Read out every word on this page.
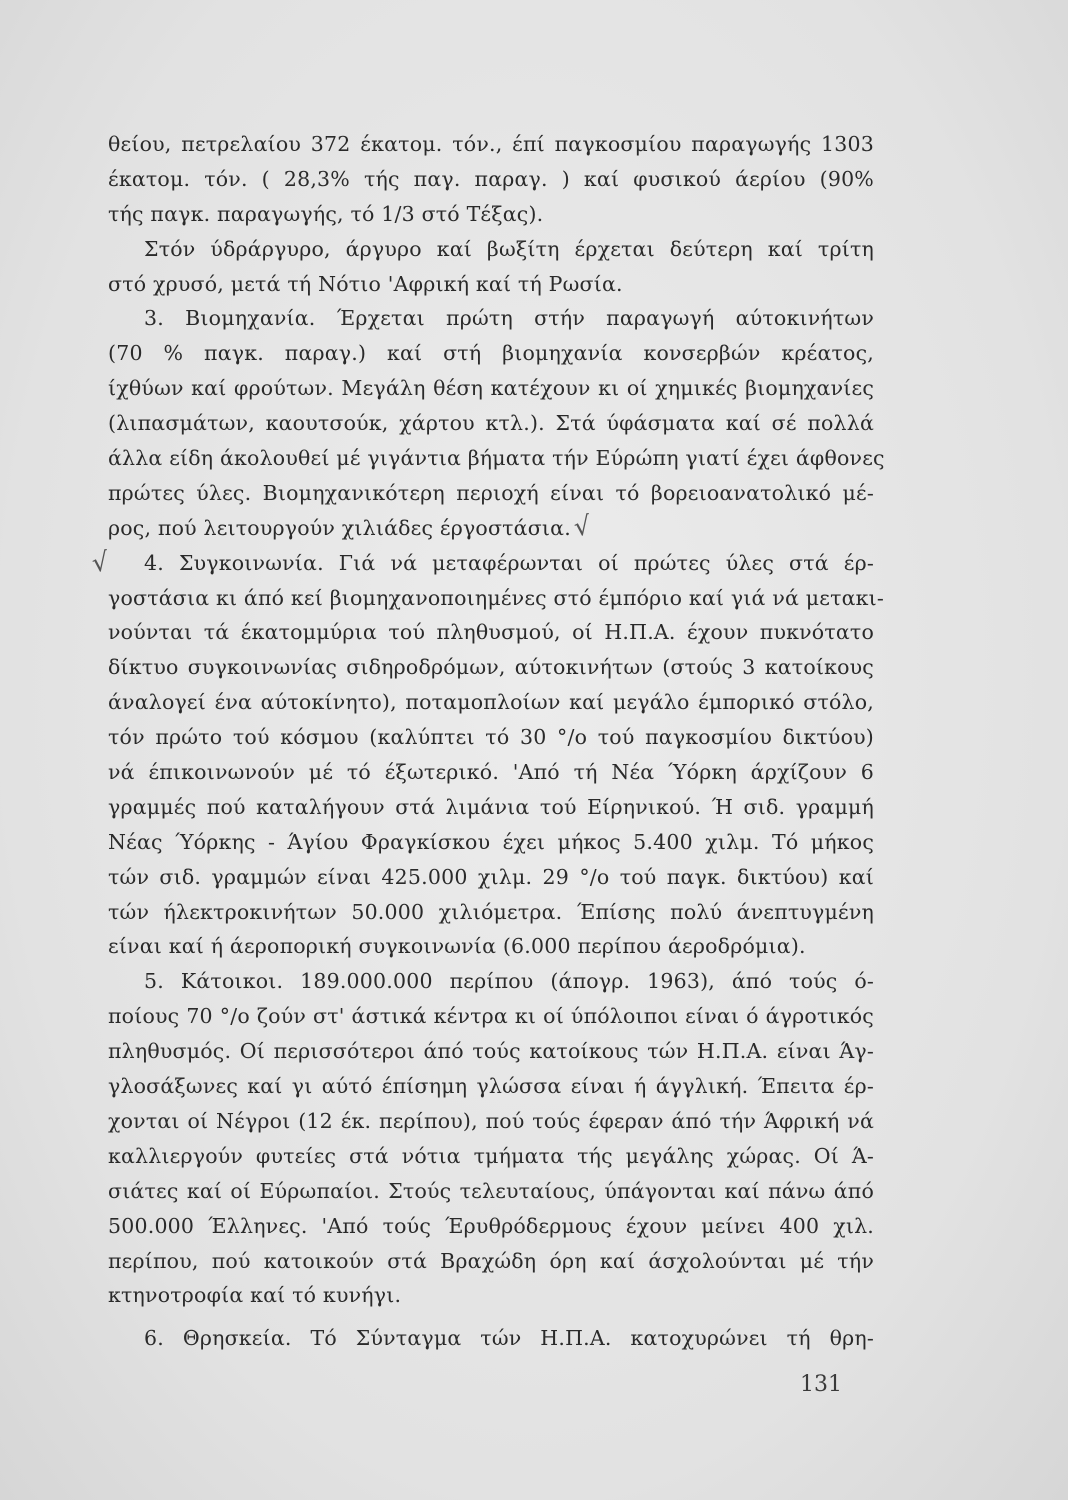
θείου, πετρελαίου 372 έκατομ. τόν., έπί παγκοσμίου παραγωγής 1303
έκατομ. τόν. ( 28,3% τής παγ. παραγ. ) καί φυσικού άερίου (90%
τής παγκ. παραγωγής, τό 1/3 στό Τέξας).
Στόν ύδράργυρο, άργυρο καί βωξίτη έρχεται δεύτερη καί τρίτη
στό χρυσό, μετά τή Νότιο 'Αφρική καί τή Ρωσία.
3. Βιομηχανία. Έρχεται πρώτη στήν παραγωγή αύτοκινήτων
(70 % παγκ. παραγ.) καί στή βιομηχανία κονσερβών κρέατος,
ίχθύων καί φρούτων. Μεγάλη θέση κατέχουν κι οί χημικές βιομηχανίες
(λιπασμάτων, καουτσούκ, χάρτου κτλ.). Στά ύφάσματα καί σέ πολλά
άλλα είδη άκολουθεί μέ γιγάντια βήματα τήν Εύρώπη γιατί έχει άφθονες
πρώτες ύλες. Βιομηχανικότερη περιοχή είναι τό βορειοανατολικό μέ-
ρος, πού λειτουργούν χιλιάδες έργοστάσια.
4. Συγκοινωνία. Γιά νά μεταφέρωνται οί πρώτες ύλες στά έρ-
γοστάσια κι άπό κεί βιομηχανοποιημένες στό έμπόριο καί γιά νά μετακι-
νούνται τά έκατομμύρια τού πληθυσμού, οί Η.Π.Α. έχουν πυκνότατο
δίκτυο συγκοινωνίας σιδηροδρόμων, αύτοκινήτων (στούς 3 κατοίκους
άναλογεί ένα αύτοκίνητο), ποταμοπλοίων καί μεγάλο έμπορικό στόλο,
τόν πρώτο τού κόσμου (καλύπτει τό 30 °/ο τού παγκοσμίου δικτύου)
νά έπικοινωνούν μέ τό έξωτερικό. 'Από τή Νέα Ύόρκη άρχίζουν 6
γραμμές πού καταλήγουν στά λιμάνια τού Είρηνικού. Ή σιδ. γραμμή
Νέας Ύόρκης - Άγίου Φραγκίσκου έχει μήκος 5.400 χιλμ. Τό μήκος
τών σιδ. γραμμών είναι 425.000 χιλμ. 29 °/ο τού παγκ. δικτύου) καί
τών ήλεκτροκινήτων 50.000 χιλιόμετρα. Έπίσης πολύ άνεπτυγμένη
είναι καί ή άεροπορική συγκοινωνία (6.000 περίπου άεροδρόμια).
5. Κάτοικοι. 189.000.000 περίπου (άπογρ. 1963), άπό τούς ό-
ποίους 70 °/ο ζούν στ' άστικά κέντρα κι οί ύπόλοιποι είναι ό άγροτικός
πληθυσμός. Οί περισσότεροι άπό τούς κατοίκους τών Η.Π.Α. είναι Άγ-
γλοσάξωνες καί γι αύτό έπίσημη γλώσσα είναι ή άγγλική. Έπειτα έρ-
χονται οί Νέγροι (12 έκ. περίπου), πού τούς έφεραν άπό τήν Άφρική νά
καλλιεργούν φυτείες στά νότια τμήματα τής μεγάλης χώρας. Οί Ά-
σιάτες καί οί Εύρωπαίοι. Στούς τελευταίους, ύπάγονται καί πάνω άπό
500.000 Έλληνες. 'Από τούς Έρυθρόδερμους έχουν μείνει 400 χιλ.
περίπου, πού κατοικούν στά Βραχώδη όρη καί άσχολούνται μέ τήν
κτηνοτροφία καί τό κυνήγι.
6. Θρησκεία. Τό Σύνταγμα τών Η.Π.Α. κατοχυρώνει τή θρη-
√
√
131
